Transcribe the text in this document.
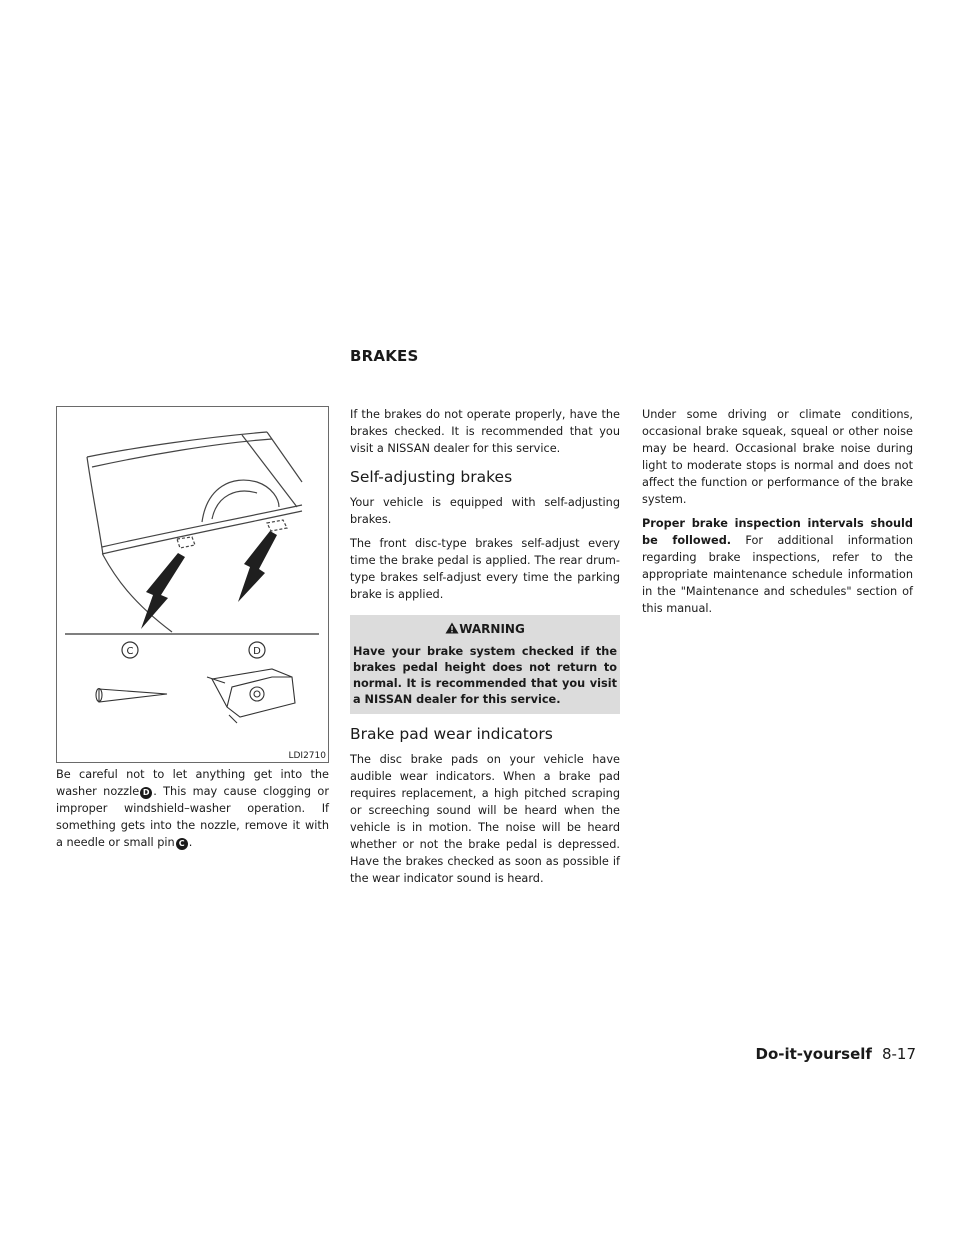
BRAKES
C	D
LDI2710
Be careful not to let anything get into the washer nozzle D . This may cause clogging or improper windshield–washer operation. If something gets into the nozzle, remove it with a needle or small pin C .

If the brakes do not operate properly, have the brakes checked. It is recommended that you visit a NISSAN dealer for this service.

Self-adjusting brakes

Your vehicle is equipped with self-adjusting brakes.

The front disc-type brakes self-adjust every time the brake pedal is applied. The rear drum-type brakes self-adjust every time the parking brake is applied.

WARNING
Have your brake system checked if the brakes pedal height does not return to normal. It is recommended that you visit a NISSAN dealer for this service.
Brake pad wear indicators

The disc brake pads on your vehicle have audible wear indicators. When a brake pad requires replacement, a high pitched scraping or screeching sound will be heard when the vehicle is in motion. The noise will be heard whether or not the brake pedal is depressed. Have the brakes checked as soon as possible if the wear indicator sound is heard.

Under some driving or climate conditions, occasional brake squeak, squeal or other noise may be heard. Occasional brake noise during light to moderate stops is normal and does not affect the function or performance of the brake system.

Proper brake inspection intervals should be followed. For additional information regarding brake inspections, refer to the appropriate maintenance schedule information in the "Maintenance and schedules" section of this manual.

Do-it-yourself 8-17
